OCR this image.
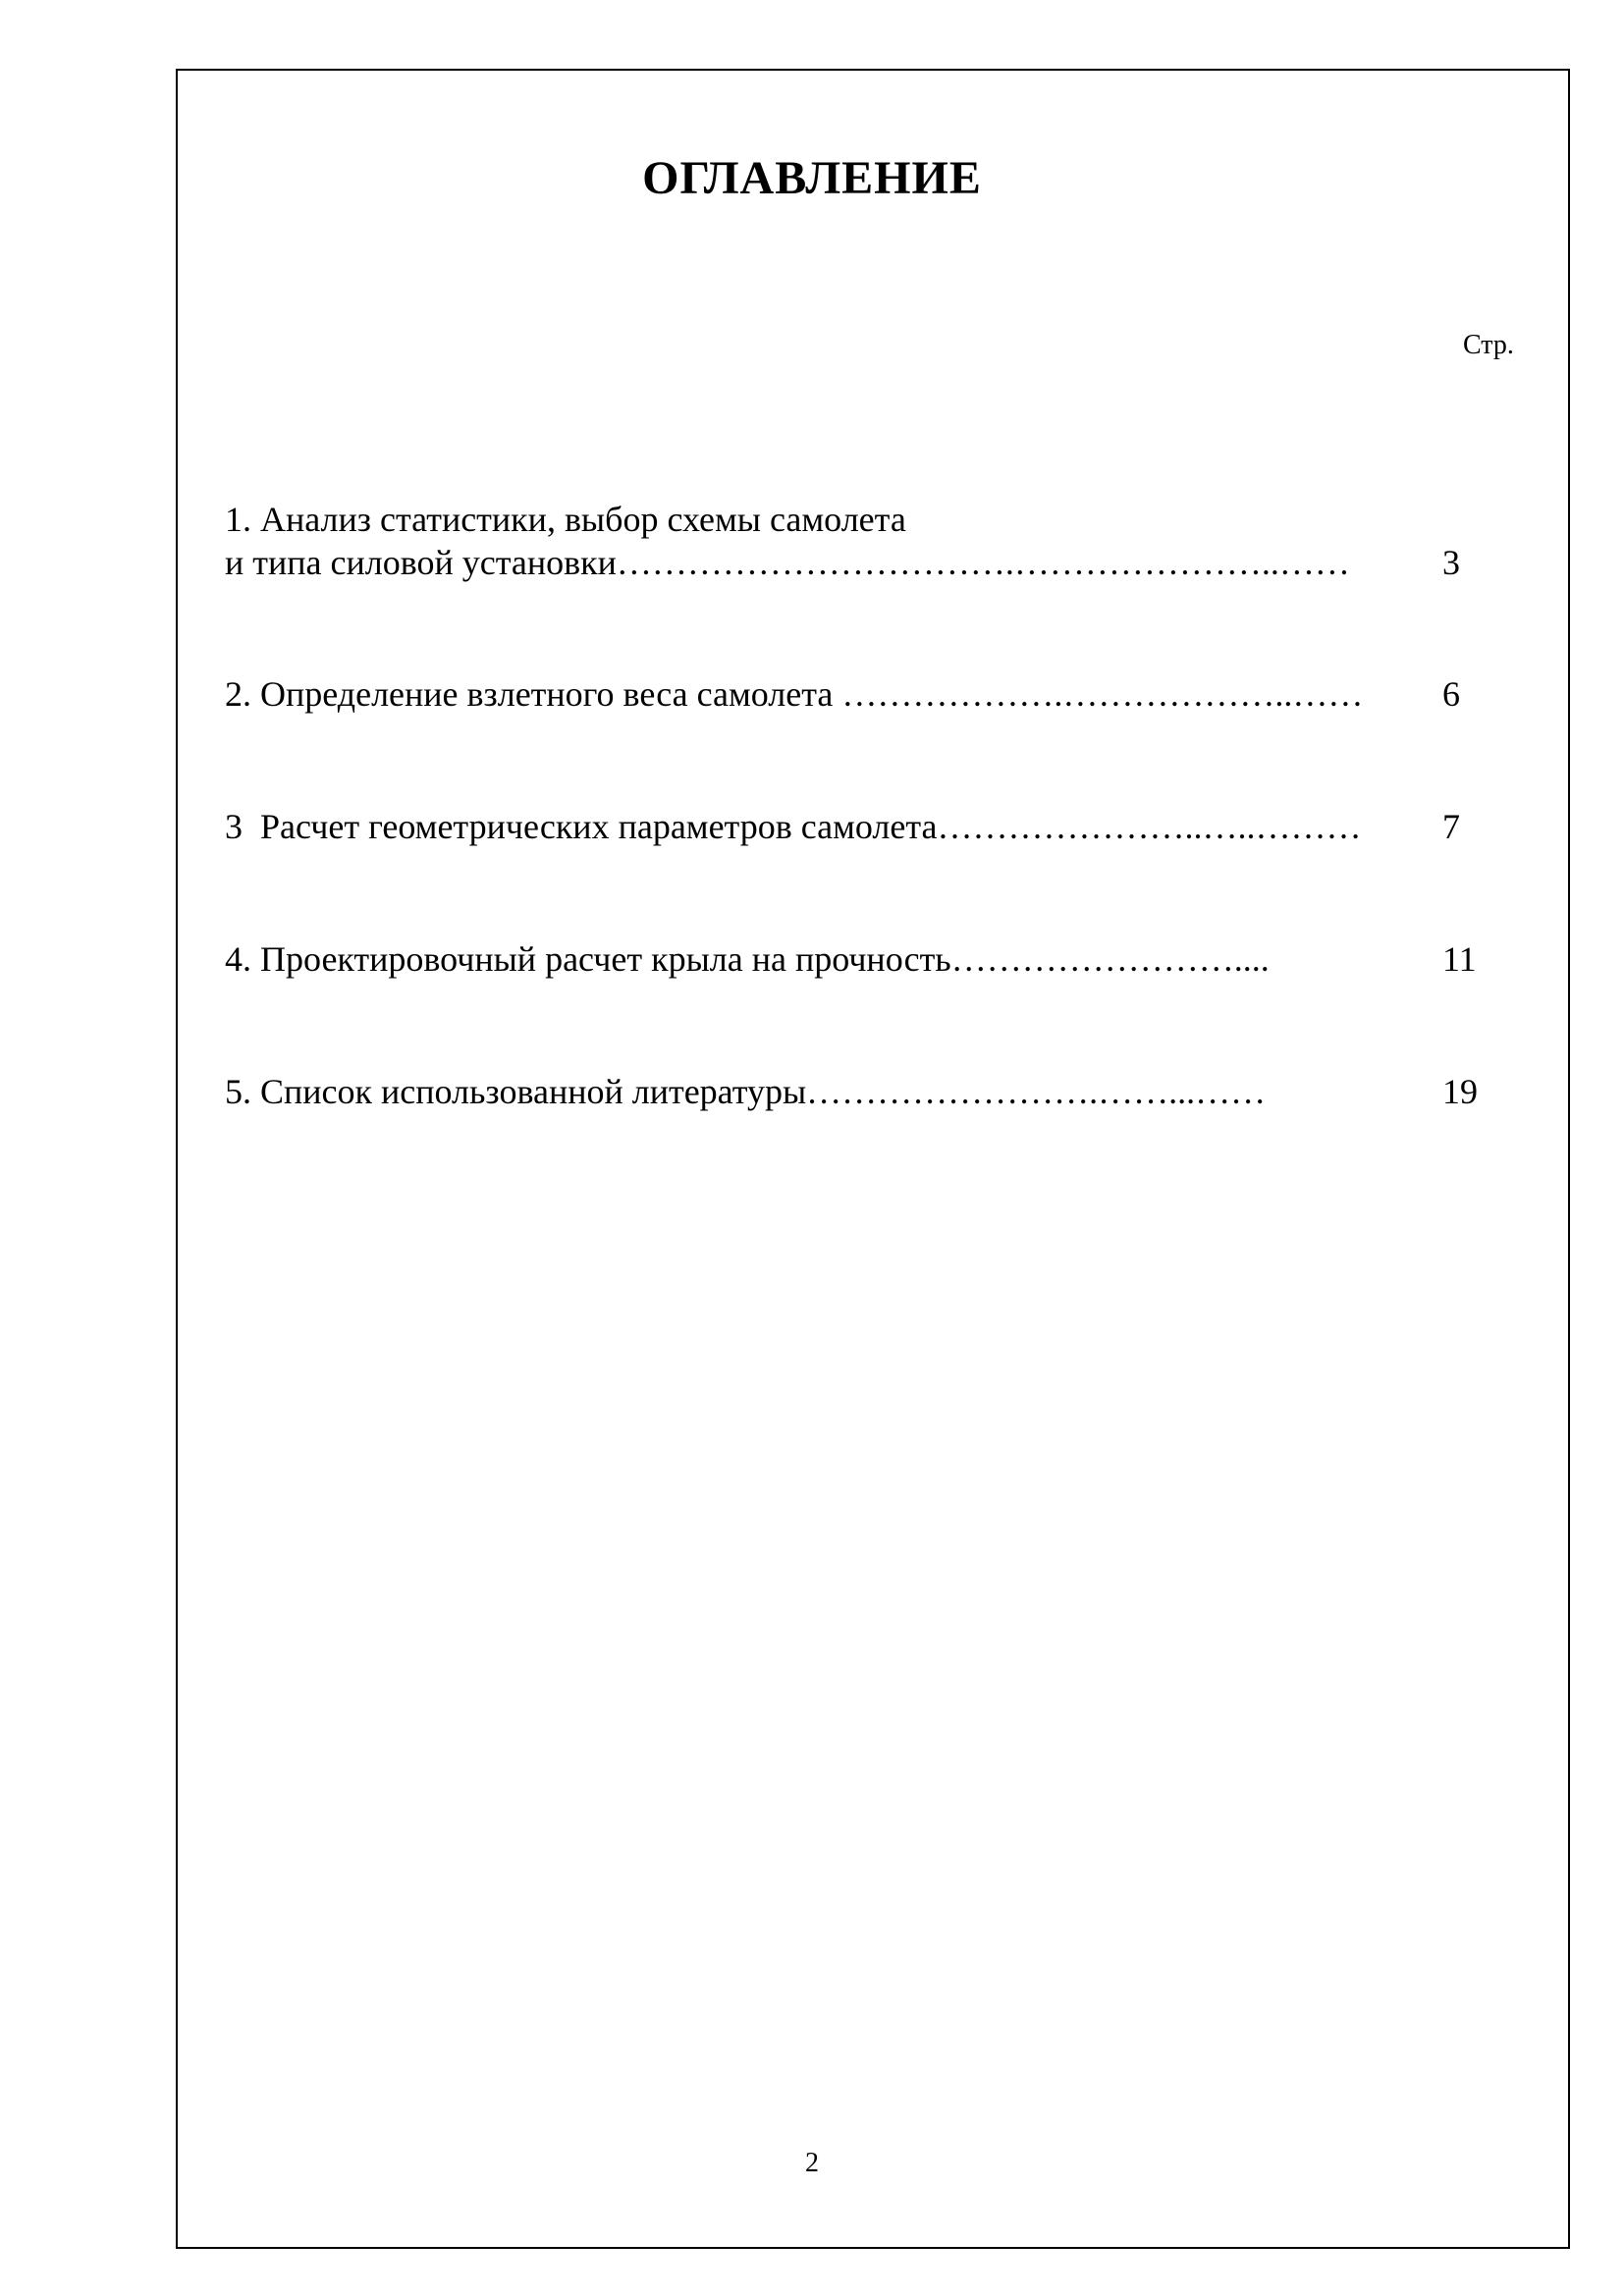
ОГЛАВЛЕНИЕ
Стр.
1. Анализ статистики, выбор схемы самолета
и типа силовой установки…………………………….…………………..……	3
2. Определение взлетного веса самолета ……………….………………..…… 6
3  Расчет геометрических параметров самолета…………………..…..……… 7
4. Проектировочный расчет крыла на прочность……………………....	11
5. Список использованной литературы…………………….……...……	19
2
